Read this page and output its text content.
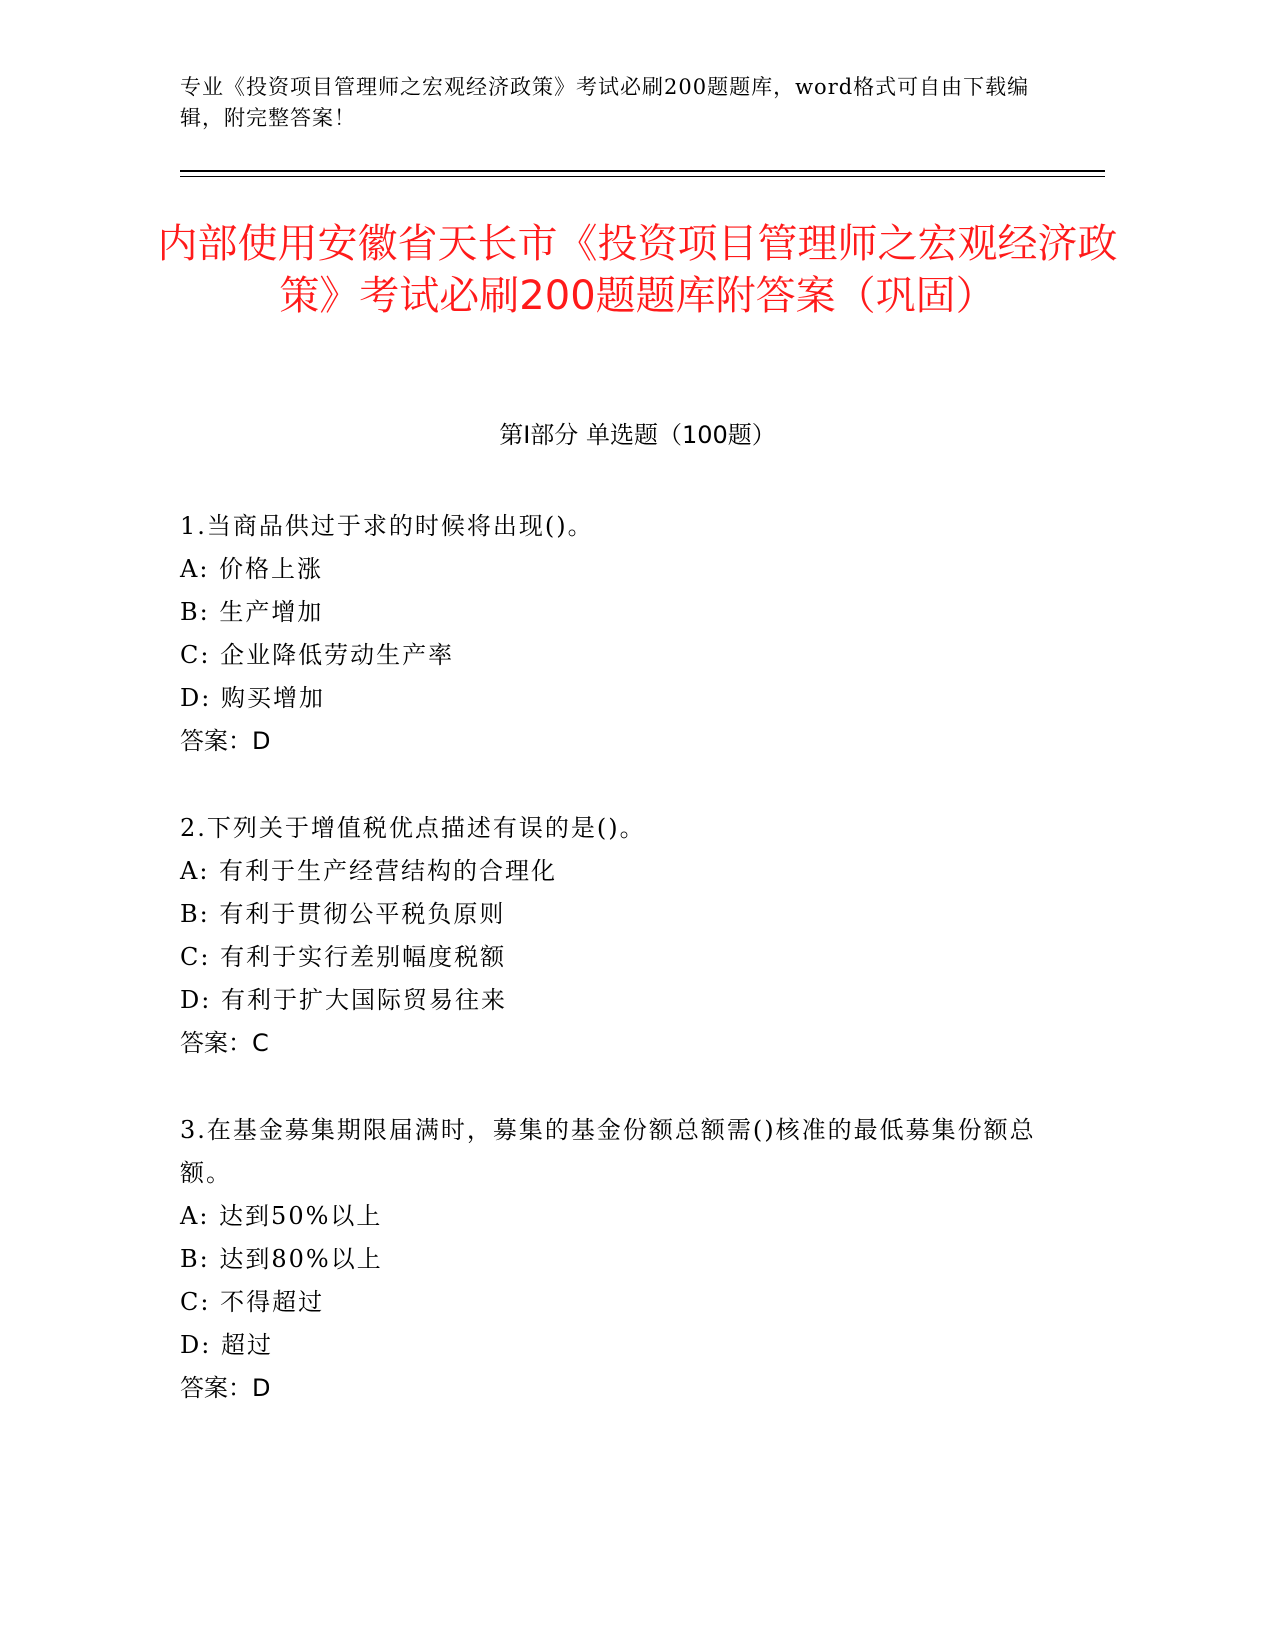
专业《投资项目管理师之宏观经济政策》考试必刷200题题库，word格式可自由下载编辑，附完整答案！
内部使用安徽省天长市《投资项目管理师之宏观经济政策》考试必刷200题题库附答案（巩固）
第Ⅰ部分 单选题（100题）
1.当商品供过于求的时候将出现()。
A: 价格上涨
B: 生产增加
C: 企业降低劳动生产率
D: 购买增加
答案：D
2.下列关于增值税优点描述有误的是()。
A: 有利于生产经营结构的合理化
B: 有利于贯彻公平税负原则
C: 有利于实行差别幅度税额
D: 有利于扩大国际贸易往来
答案：C
3.在基金募集期限届满时，募集的基金份额总额需()核准的最低募集份额总额。
A: 达到50%以上
B: 达到80%以上
C: 不得超过
D: 超过
答案：D
